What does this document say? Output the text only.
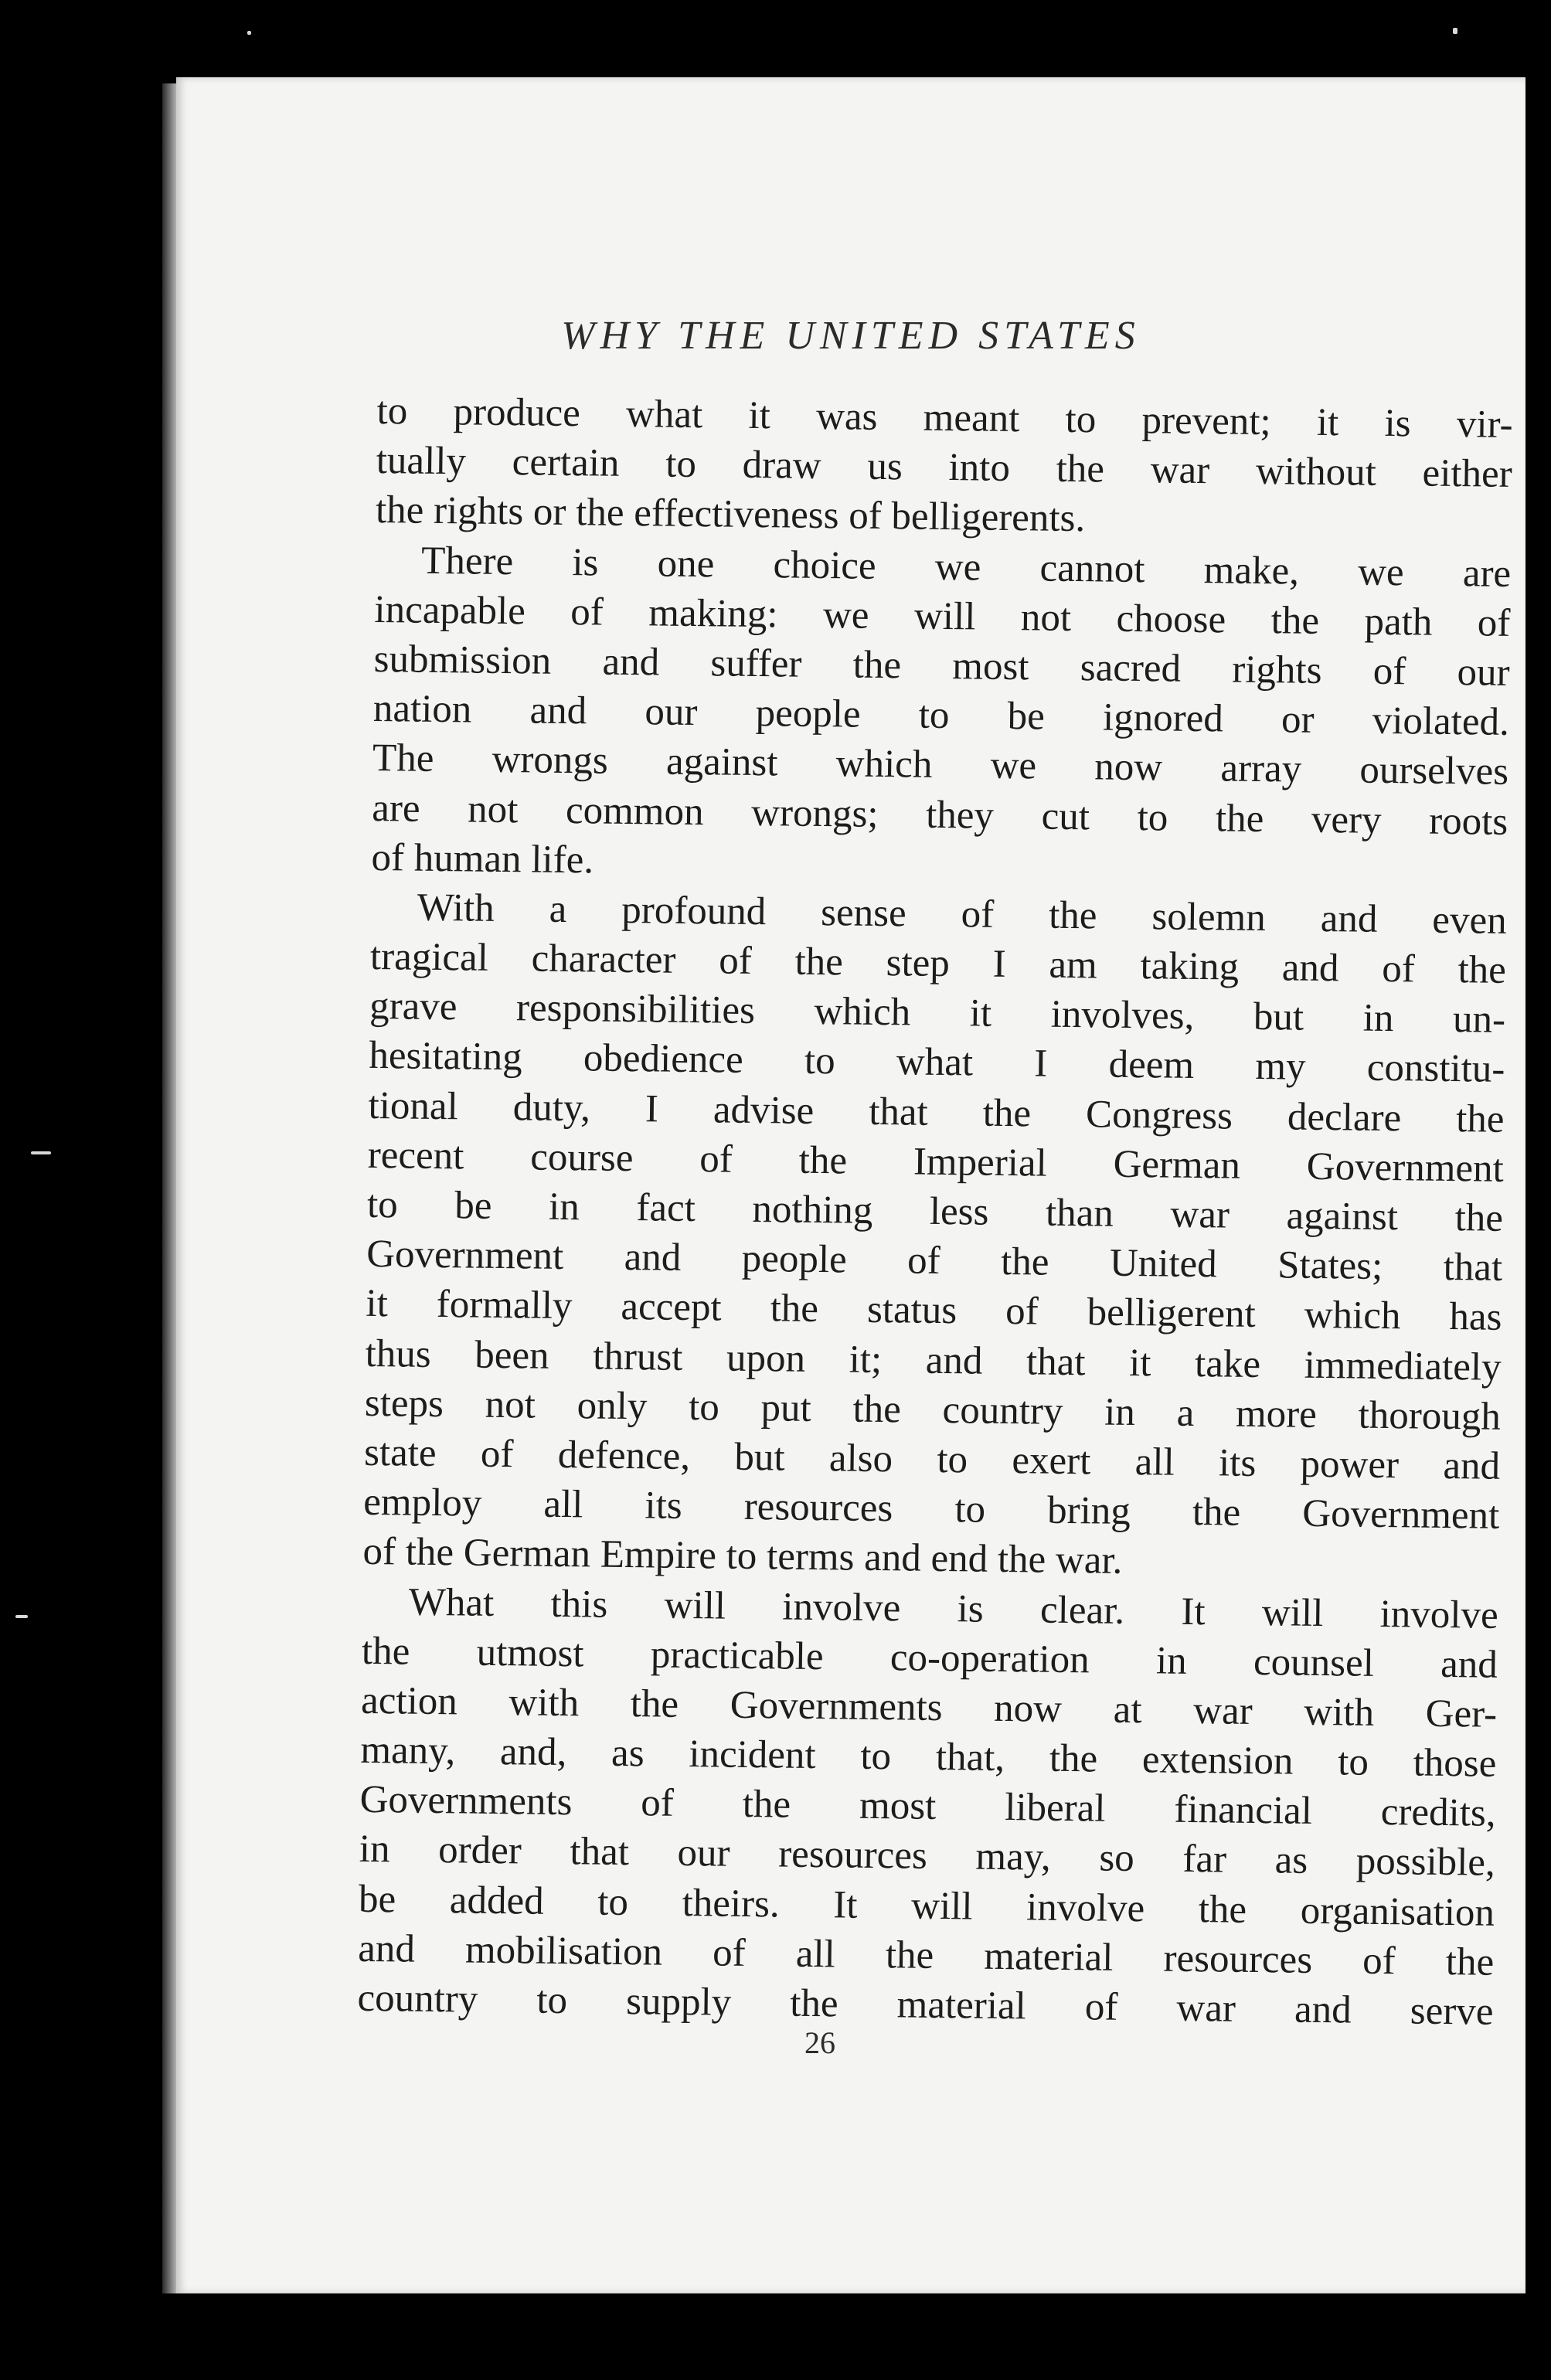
WHY THE UNITED STATES
to produce what it was meant to prevent; it is vir-
tually certain to draw us into the war without either
the rights or the effectiveness of belligerents.
There is one choice we cannot make, we are
incapable of making: we will not choose the path of
submission and suffer the most sacred rights of our
nation and our people to be ignored or violated.
The wrongs against which we now array ourselves
are not common wrongs; they cut to the very roots
of human life.
With a profound sense of the solemn and even
tragical character of the step I am taking and of the
grave responsibilities which it involves, but in un-
hesitating obedience to what I deem my constitu-
tional duty, I advise that the Congress declare the
recent course of the Imperial German Government
to be in fact nothing less than war against the
Government and people of the United States; that
it formally accept the status of belligerent which has
thus been thrust upon it; and that it take immediately
steps not only to put the country in a more thorough
state of defence, but also to exert all its power and
employ all its resources to bring the Government
of the German Empire to terms and end the war.
What this will involve is clear. It will involve
the utmost practicable co-operation in counsel and
action with the Governments now at war with Ger-
many, and, as incident to that, the extension to those
Governments of the most liberal financial credits,
in order that our resources may, so far as possible,
be added to theirs. It will involve the organisation
and mobilisation of all the material resources of the
country to supply the material of war and serve
26
